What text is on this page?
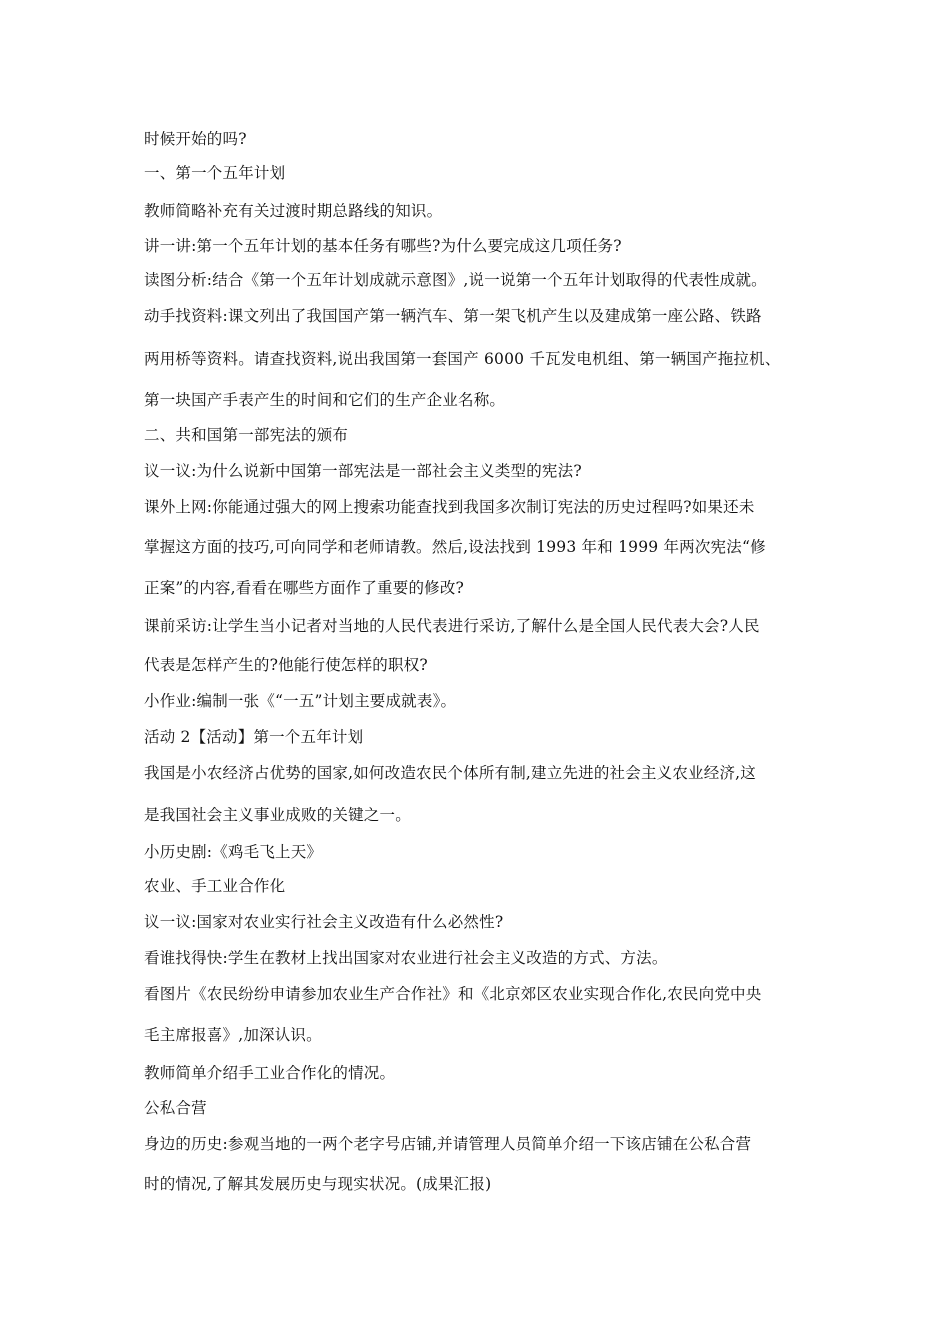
时候开始的吗?
一、第一个五年计划
教师简略补充有关过渡时期总路线的知识。
讲一讲:第一个五年计划的基本任务有哪些?为什么要完成这几项任务?
读图分析:结合《第一个五年计划成就示意图》,说一说第一个五年计划取得的代表性成就。
动手找资料:课文列出了我国国产第一辆汽车、第一架飞机产生以及建成第一座公路、铁路
两用桥等资料。请查找资料,说出我国第一套国产 6000 千瓦发电机组、第一辆国产拖拉机、
第一块国产手表产生的时间和它们的生产企业名称。
二、共和国第一部宪法的颁布
议一议:为什么说新中国第一部宪法是一部社会主义类型的宪法?
课外上网:你能通过强大的网上搜索功能查找到我国多次制订宪法的历史过程吗?如果还未
掌握这方面的技巧,可向同学和老师请教。然后,设法找到 1993 年和 1999 年两次宪法“修
正案”的内容,看看在哪些方面作了重要的修改?
课前采访:让学生当小记者对当地的人民代表进行采访,了解什么是全国人民代表大会?人民
代表是怎样产生的?他能行使怎样的职权?
小作业:编制一张《“一五”计划主要成就表》。
活动 2【活动】第一个五年计划
我国是小农经济占优势的国家,如何改造农民个体所有制,建立先进的社会主义农业经济,这
是我国社会主义事业成败的关键之一。
小历史剧:《鸡毛飞上天》
农业、手工业合作化
议一议:国家对农业实行社会主义改造有什么必然性?
看谁找得快:学生在教材上找出国家对农业进行社会主义改造的方式、方法。
看图片《农民纷纷申请参加农业生产合作社》和《北京郊区农业实现合作化,农民向党中央
毛主席报喜》,加深认识。
教师简单介绍手工业合作化的情况。
公私合营
身边的历史:参观当地的一两个老字号店铺,并请管理人员简单介绍一下该店铺在公私合营
时的情况,了解其发展历史与现实状况。(成果汇报)
